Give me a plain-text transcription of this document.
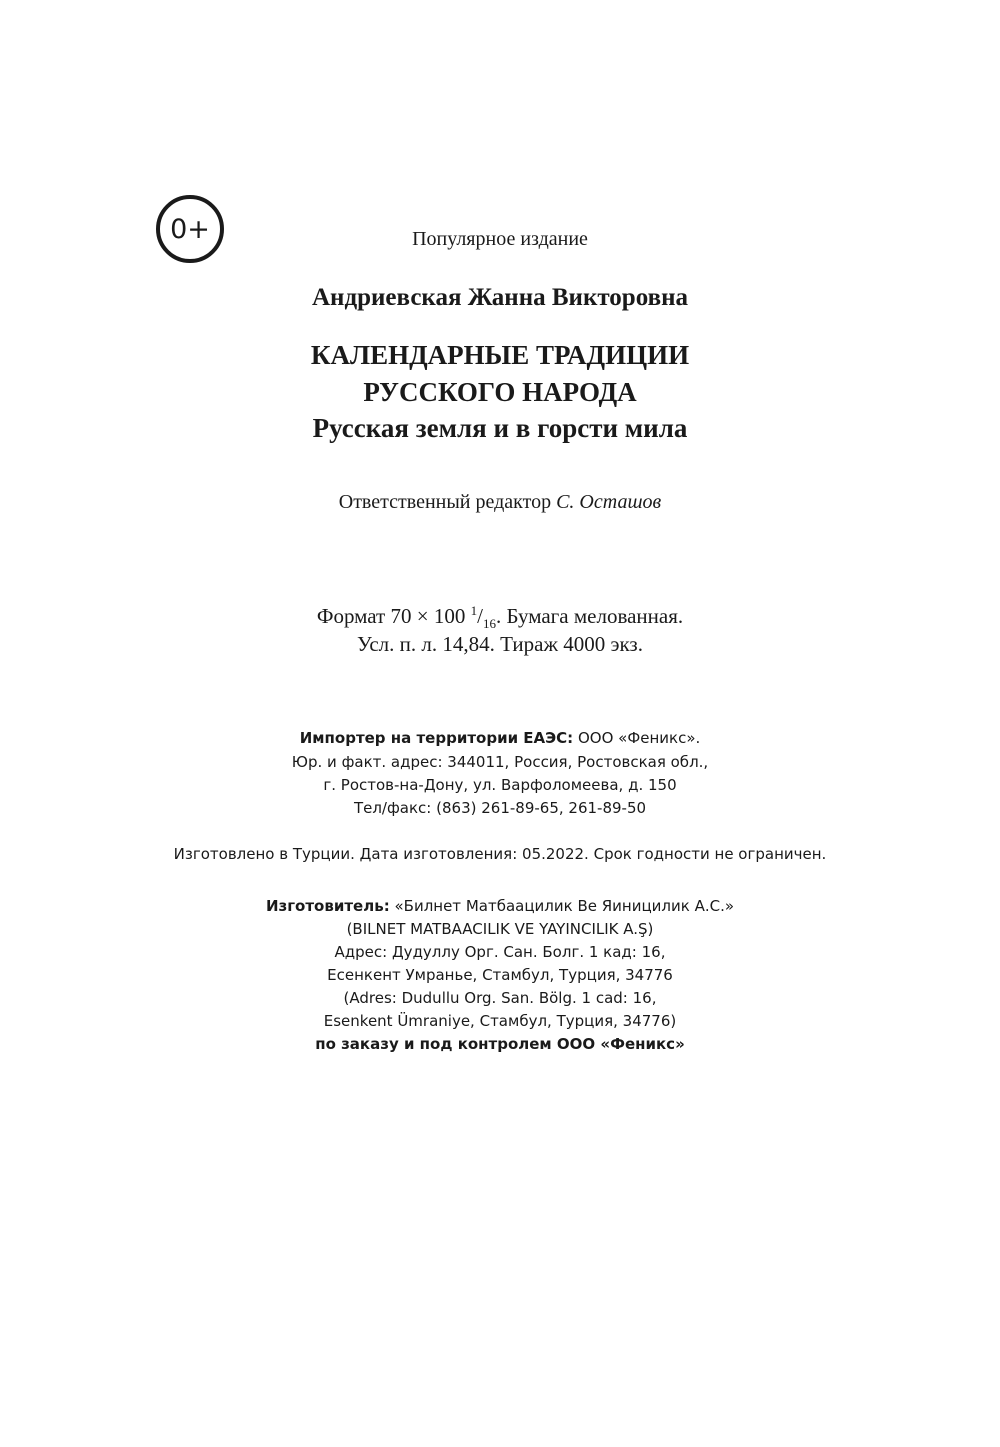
0+	Популярное издание
Андриевская Жанна Викторовна
КАЛЕНДАРНЫЕ ТРАДИЦИИ
РУССКОГО НАРОДА
Русская земля и в горсти мила
Ответственный редактор С. Осташов
Формат 70 × 100 $^1/_{16}$. Бумага мелованная.
Усл. п. л. 14,84. Тираж 4000 экз.
Импортер на территории ЕАЭС: ООО «Феникс».
Юр. и факт. адрес: 344011, Россия, Ростовская обл.,
г. Ростов-на-Дону, ул. Варфоломеева, д. 150
Тел/факс: (863) 261-89-65, 261-89-50
Изготовлено в Турции. Дата изготовления: 05.2022. Срок годности не ограничен.
Изготовитель: «Билнет Матбаацилик Ве Яиницилик А.С.»
(BILNET MATBAACILIK VE YAYINCILIK A.Ş)
Адрес: Дудуллу Орг. Сан. Болг. 1 кад: 16,
Есенкент Умранье, Стамбул, Турция, 34776
(Adres: Dudullu Org. San. Bölg. 1 cad: 16,
Esenkent Ümraniye, Стамбул, Турция, 34776)
по заказу и под контролем ООО «Феникс»
